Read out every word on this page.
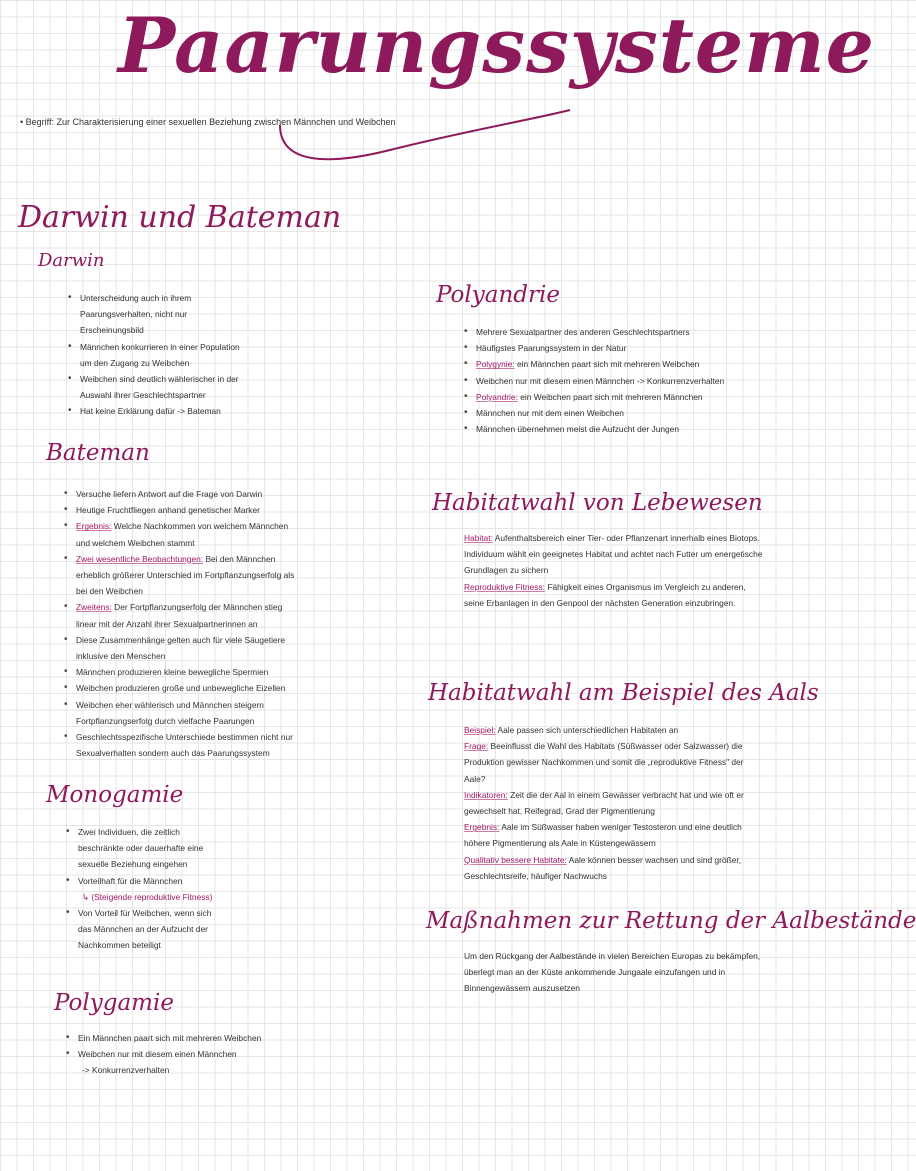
Paarungssysteme

• Begriff: Zur Charakterisierung einer sexuellen Beziehung zwischen Männchen und Weibchen

Darwin und Bateman
Darwin
• Unterscheidung auch in ihrem Paarungsverhalten, nicht nur Erscheinungsbild
• Männchen konkurrieren in einer Population um den Zugang zu Weibchen
• Weibchen sind deutlich wählerischer in der Auswahl ihrer Geschlechtspartner
• Hat keine Erklärung dafür -> Bateman
Bateman
• Versuche liefern Antwort auf die Frage von Darwin
• Heutige Fruchtfliegen anhand genetischer Marker
• Ergebnis: Welche Nachkommen von welchem Männchen und welchem Weibchen stammt
• Zwei wesentliche Beobachtungen: Bei den Männchen erheblich größerer Unterschied im Fortpflanzungserfolg als bei den Weibchen
• Zweitens: Der Fortpflanzungserfolg der Männchen stieg linear mit der Anzahl ihrer Sexualpartnerinnen an
• Diese Zusammenhänge gelten auch für viele Säugetiere inklusive den Menschen
• Männchen produzieren kleine bewegliche Spermien
• Weibchen produzieren große und unbewegliche Eizellen
• Weibchen eher wählerisch und Männchen steigern Fortpflanzungserfolg durch vielfache Paarungen
• Geschlechtsspezifische Unterschiede bestimmen nicht nur Sexualverhalten sondern auch das Paarungssystem
Monogamie
• Zwei Individuen, die zeitlich beschränkte oder dauerhafte eine sexuelle Beziehung eingehen
• Vorteilhaft für die Männchen
↳ (Steigende reproduktive Fitness)
• Von Vorteil für Weibchen, wenn sich das Männchen an der Aufzucht der Nachkommen beteiligt
Polygamie
• Ein Männchen paart sich mit mehreren Weibchen
• Weibchen nur mit diesem einen Männchen
-> Konkurrenzverhalten
Polyandrie
• Mehrere Sexualpartner des anderen Geschlechtspartners
• Häufigstes Paarungssystem in der Natur
• Polygynie: ein Männchen paart sich mit mehreren Weibchen
• Weibchen nur mit diesem einen Männchen -> Konkurrenzverhalten
• Polyandrie: ein Weibchen paart sich mit mehreren Männchen
• Männchen nur mit dem einen Weibchen
• Männchen übernehmen meist die Aufzucht der Jungen
Habitatwahl von Lebewesen

Habitat: Aufenthaltsbereich einer Tier- oder Pflanzenart innerhalb eines Biotops. Individuum wählt ein geeignetes Habitat und achtet nach Futter um energetische Grundlagen zu sichern

Reproduktive Fitness: Fähigkeit eines Organismus im Vergleich zu anderen, seine Erbanlagen in den Genpool der nächsten Generation einzubringen.

Habitatwahl am Beispiel des Aals

Beispiel: Aale passen sich unterschiedlichen Habitaten an

Frage: Beeinflusst die Wahl des Habitats (Süßwasser oder Salzwasser) die Produktion gewisser Nachkommen und somit die „reproduktive Fitness" der Aale?

Indikatoren: Zeit die der Aal in einem Gewässer verbracht hat und wie oft er gewechselt hat, Reifegrad, Grad der Pigmentierung

Ergebnis: Aale im Süßwasser haben weniger Testosteron und eine deutlich höhere Pigmentierung als Aale in Küstengewässern

Qualitativ bessere Habitate: Aale können besser wachsen und sind größer, Geschlechtsreife, häufiger Nachwuchs

Maßnahmen zur Rettung der Aalbestände

Um den Rückgang der Aalbestände in vielen Bereichen Europas zu bekämpfen, überlegt man an der Küste ankommende Jungaale einzufangen und in Binnengewässern auszusetzen
